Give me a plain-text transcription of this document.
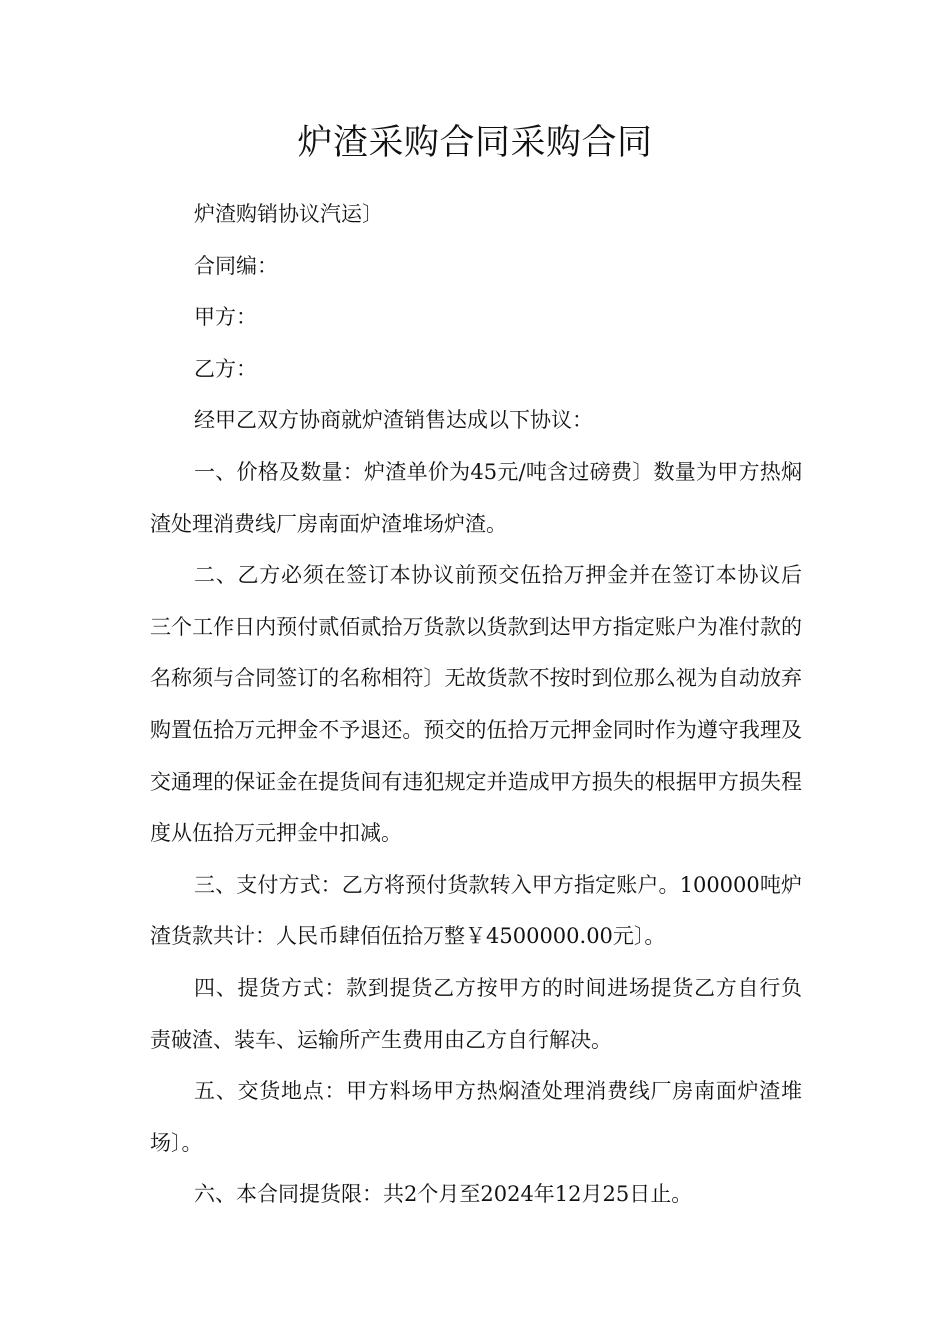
炉渣采购合同采购合同

炉渣购销协议汽运〕

合同编：

甲方：

乙方：

经甲乙双方协商就炉渣销售达成以下协议：

一、价格及数量：炉渣单价为45元/吨含过磅费〕数量为甲方热焖渣处理消费线厂房南面炉渣堆场炉渣。

二、乙方必须在签订本协议前预交伍拾万押金并在签订本协议后三个工作日内预付贰佰贰拾万货款以货款到达甲方指定账户为准付款的名称须与合同签订的名称相符〕无故货款不按时到位那么视为自动放弃购置伍拾万元押金不予退还。预交的伍拾万元押金同时作为遵守我理及交通理的保证金在提货间有违犯规定并造成甲方损失的根据甲方损失程度从伍拾万元押金中扣减。

三、支付方式：乙方将预付货款转入甲方指定账户。100000吨炉渣货款共计：人民币肆佰伍拾万整￥4500000.00元〕。

四、提货方式：款到提货乙方按甲方的时间进场提货乙方自行负责破渣、装车、运输所产生费用由乙方自行解决。

五、交货地点：甲方料场甲方热焖渣处理消费线厂房南面炉渣堆场〕。

六、本合同提货限：共2个月至2024年12月25日止。
